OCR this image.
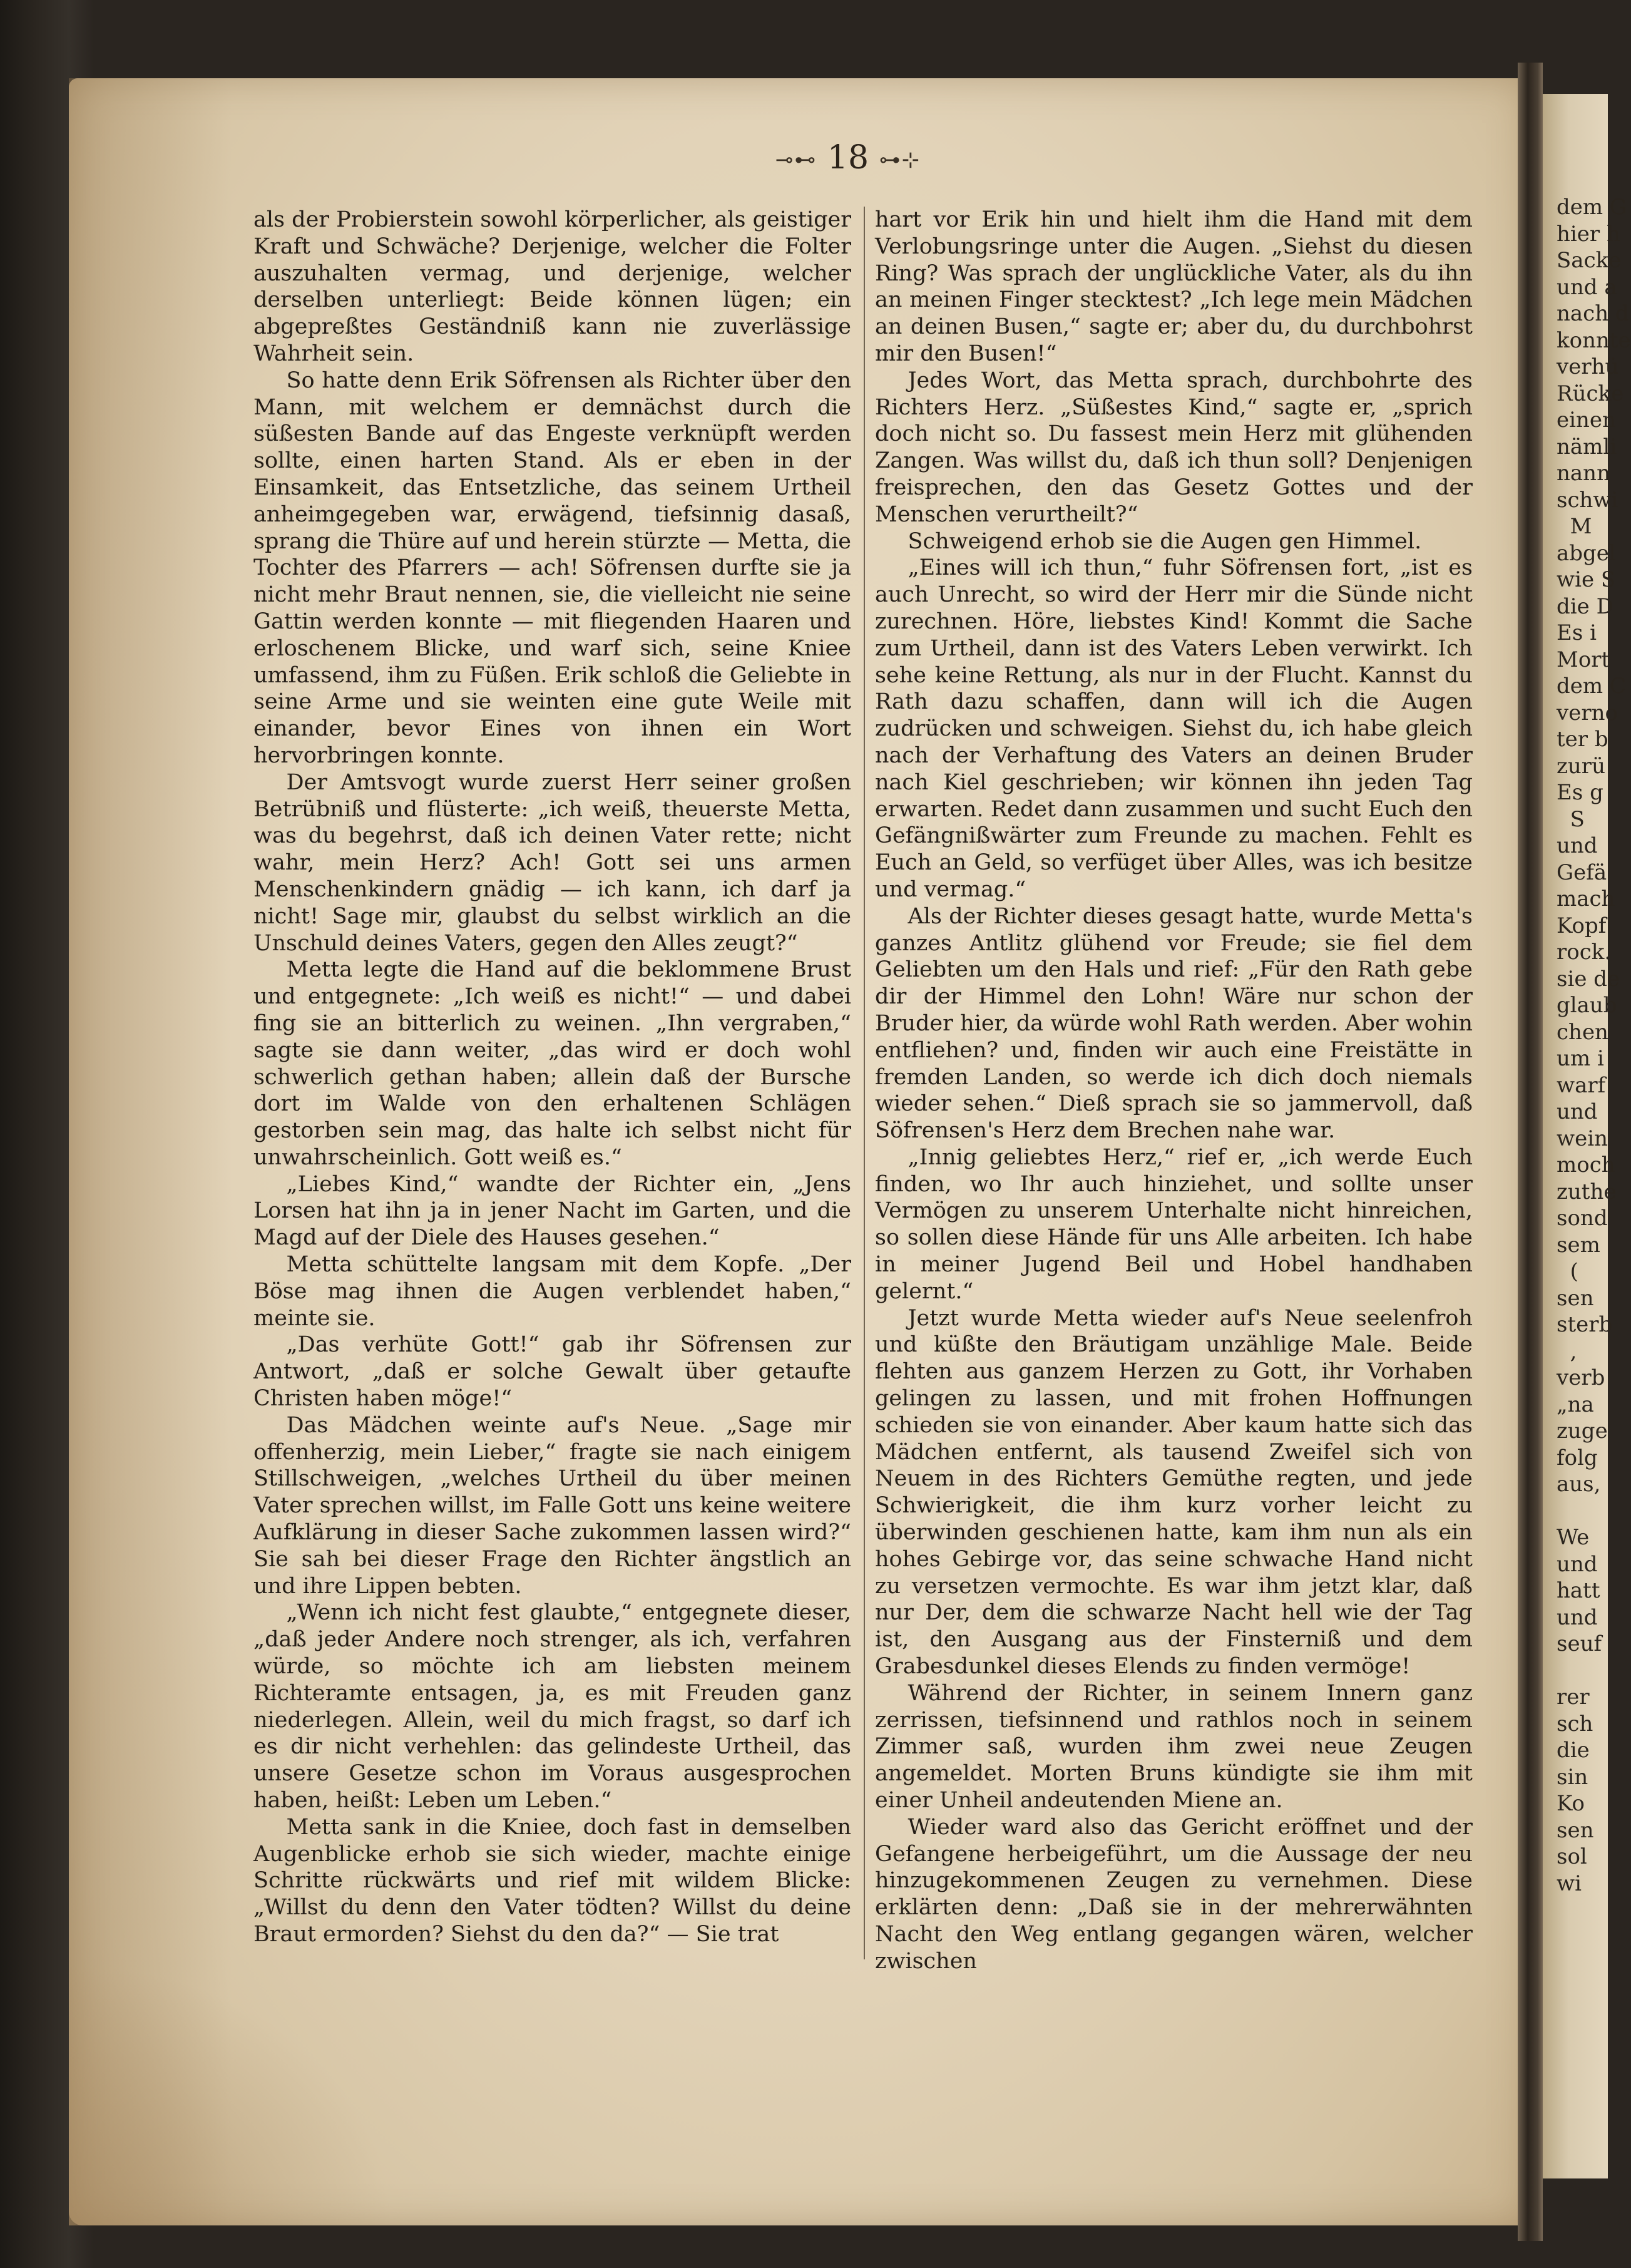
dem G
hier h
Sacke
und a
nach d
konnte
verhü
Rücke
einen
nämli
nann
schwi
M
abgel
wie S
die D
Es i
Mort
dem C
verno
ter b
zurü
Es g
S
und
Gefä
mach
Kopf
rock.
sie de
glaub
chen
um i
warf
und
wein
moch
zuthe
sond
sem
(
sen
sterb
,
verb
„na
zuge
folg
aus,

We
und
hatt
und
seuf

rer
sch
die
sin
Ko
sen
sol
wi
⊸⊷ 18 ⊶⊹

als der Probierstein sowohl körperlicher, als geistiger Kraft und Schwäche? Derjenige, welcher die Folter auszuhalten vermag, und derjenige, welcher derselben unterliegt: Beide können lügen; ein abgepreßtes Geständniß kann nie zuverlässige Wahrheit sein.

So hatte denn Erik Söfrensen als Richter über den Mann, mit welchem er demnächst durch die süßesten Bande auf das Engeste verknüpft werden sollte, einen harten Stand. Als er eben in der Einsamkeit, das Entsetzliche, das seinem Urtheil anheimgegeben war, erwägend, tiefsinnig dasaß, sprang die Thüre auf und herein stürzte — Metta, die Tochter des Pfarrers — ach! Söfrensen durfte sie ja nicht mehr Braut nennen, sie, die vielleicht nie seine Gattin werden konnte — mit fliegenden Haaren und erloschenem Blicke, und warf sich, seine Kniee umfassend, ihm zu Füßen. Erik schloß die Geliebte in seine Arme und sie weinten eine gute Weile mit einander, bevor Eines von ihnen ein Wort hervorbringen konnte.

Der Amtsvogt wurde zuerst Herr seiner großen Betrübniß und flüsterte: „ich weiß, theuerste Metta, was du begehrst, daß ich deinen Vater rette; nicht wahr, mein Herz? Ach! Gott sei uns armen Menschenkindern gnädig — ich kann, ich darf ja nicht! Sage mir, glaubst du selbst wirklich an die Unschuld deines Vaters, gegen den Alles zeugt?“

Metta legte die Hand auf die beklommene Brust und entgegnete: „Ich weiß es nicht!“ — und dabei fing sie an bitterlich zu weinen. „Ihn vergraben,“ sagte sie dann weiter, „das wird er doch wohl schwerlich gethan haben; allein daß der Bursche dort im Walde von den erhaltenen Schlägen gestorben sein mag, das halte ich selbst nicht für unwahrscheinlich. Gott weiß es.“

„Liebes Kind,“ wandte der Richter ein, „Jens Lorsen hat ihn ja in jener Nacht im Garten, und die Magd auf der Diele des Hauses gesehen.“

Metta schüttelte langsam mit dem Kopfe. „Der Böse mag ihnen die Augen verblendet haben,“ meinte sie.

„Das verhüte Gott!“ gab ihr Söfrensen zur Antwort, „daß er solche Gewalt über getaufte Christen haben möge!“

Das Mädchen weinte auf's Neue. „Sage mir offenherzig, mein Lieber,“ fragte sie nach einigem Stillschweigen, „welches Urtheil du über meinen Vater sprechen willst, im Falle Gott uns keine weitere Aufklärung in dieser Sache zukommen lassen wird?“ Sie sah bei dieser Frage den Richter ängstlich an und ihre Lippen bebten.

„Wenn ich nicht fest glaubte,“ entgegnete dieser, „daß jeder Andere noch strenger, als ich, verfahren würde, so möchte ich am liebsten meinem Richteramte entsagen, ja, es mit Freuden ganz niederlegen. Allein, weil du mich fragst, so darf ich es dir nicht verhehlen: das gelindeste Urtheil, das unsere Gesetze schon im Voraus ausgesprochen haben, heißt: Leben um Leben.“

Metta sank in die Kniee, doch fast in demselben Augenblicke erhob sie sich wieder, machte einige Schritte rückwärts und rief mit wildem Blicke: „Willst du denn den Vater tödten? Willst du deine Braut ermorden? Siehst du den da?“ — Sie trat

hart vor Erik hin und hielt ihm die Hand mit dem Verlobungsringe unter die Augen. „Siehst du diesen Ring? Was sprach der unglückliche Vater, als du ihn an meinen Finger stecktest? „Ich lege mein Mädchen an deinen Busen,“ sagte er; aber du, du durchbohrst mir den Busen!“

Jedes Wort, das Metta sprach, durchbohrte des Richters Herz. „Süßestes Kind,“ sagte er, „sprich doch nicht so. Du fassest mein Herz mit glühenden Zangen. Was willst du, daß ich thun soll? Denjenigen freisprechen, den das Gesetz Gottes und der Menschen verurtheilt?“

Schweigend erhob sie die Augen gen Himmel.

„Eines will ich thun,“ fuhr Söfrensen fort, „ist es auch Unrecht, so wird der Herr mir die Sünde nicht zurechnen. Höre, liebstes Kind! Kommt die Sache zum Urtheil, dann ist des Vaters Leben verwirkt. Ich sehe keine Rettung, als nur in der Flucht. Kannst du Rath dazu schaffen, dann will ich die Augen zudrücken und schweigen. Siehst du, ich habe gleich nach der Verhaftung des Vaters an deinen Bruder nach Kiel geschrieben; wir können ihn jeden Tag erwarten. Redet dann zusammen und sucht Euch den Gefängnißwärter zum Freunde zu machen. Fehlt es Euch an Geld, so verfüget über Alles, was ich besitze und vermag.“

Als der Richter dieses gesagt hatte, wurde Metta's ganzes Antlitz glühend vor Freude; sie fiel dem Geliebten um den Hals und rief: „Für den Rath gebe dir der Himmel den Lohn! Wäre nur schon der Bruder hier, da würde wohl Rath werden. Aber wohin entfliehen? und, finden wir auch eine Freistätte in fremden Landen, so werde ich dich doch niemals wieder sehen.“ Dieß sprach sie so jammervoll, daß Söfrensen's Herz dem Brechen nahe war.

„Innig geliebtes Herz,“ rief er, „ich werde Euch finden, wo Ihr auch hinziehet, und sollte unser Vermögen zu unserem Unterhalte nicht hinreichen, so sollen diese Hände für uns Alle arbeiten. Ich habe in meiner Jugend Beil und Hobel handhaben gelernt.“

Jetzt wurde Metta wieder auf's Neue seelenfroh und küßte den Bräutigam unzählige Male. Beide flehten aus ganzem Herzen zu Gott, ihr Vorhaben gelingen zu lassen, und mit frohen Hoffnungen schieden sie von einander. Aber kaum hatte sich das Mädchen entfernt, als tausend Zweifel sich von Neuem in des Richters Gemüthe regten, und jede Schwierigkeit, die ihm kurz vorher leicht zu überwinden geschienen hatte, kam ihm nun als ein hohes Gebirge vor, das seine schwache Hand nicht zu versetzen vermochte. Es war ihm jetzt klar, daß nur Der, dem die schwarze Nacht hell wie der Tag ist, den Ausgang aus der Finsterniß und dem Grabesdunkel dieses Elends zu finden vermöge!

Während der Richter, in seinem Innern ganz zerrissen, tiefsinnend und rathlos noch in seinem Zimmer saß, wurden ihm zwei neue Zeugen angemeldet. Morten Bruns kündigte sie ihm mit einer Unheil andeutenden Miene an.

Wieder ward also das Gericht eröffnet und der Gefangene herbeigeführt, um die Aussage der neu hinzugekommenen Zeugen zu vernehmen. Diese erklärten denn: „Daß sie in der mehrerwähnten Nacht den Weg entlang gegangen wären, welcher zwischen
